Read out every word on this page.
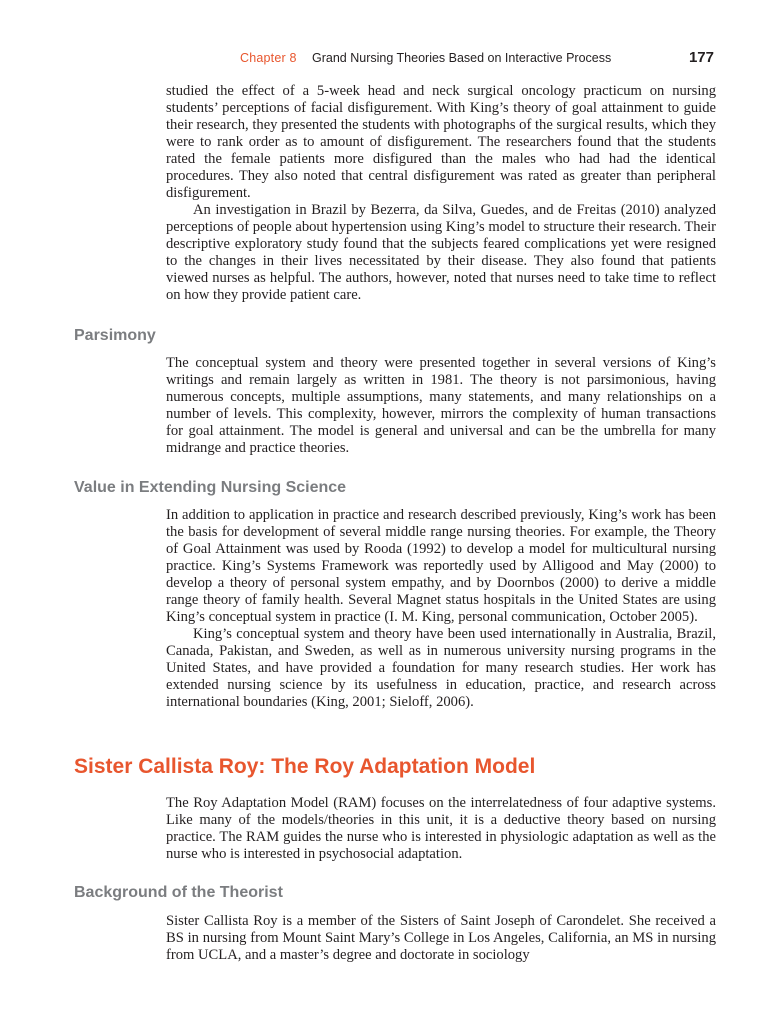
Chapter 8 Grand Nursing Theories Based on Interactive Process	177

studied the effect of a 5-week head and neck surgical oncology practicum on nursing students’ perceptions of facial disfigurement. With King’s theory of goal attainment to guide their research, they presented the students with photographs of the surgical results, which they were to rank order as to amount of disfigurement. The researchers found that the students rated the female patients more disfigured than the males who had had the identical procedures. They also noted that central disfigurement was rated as greater than peripheral disfigurement.

An investigation in Brazil by Bezerra, da Silva, Guedes, and de Freitas (2010) analyzed perceptions of people about hypertension using King’s model to structure their research. Their descriptive exploratory study found that the subjects feared complications yet were resigned to the changes in their lives necessitated by their disease. They also found that patients viewed nurses as helpful. The authors, however, noted that nurses need to take time to reflect on how they provide patient care.

Parsimony

The conceptual system and theory were presented together in several versions of King’s writings and remain largely as written in 1981. The theory is not parsimonious, having numerous concepts, multiple assumptions, many statements, and many relationships on a number of levels. This complexity, however, mirrors the complexity of human transactions for goal attainment. The model is general and universal and can be the umbrella for many midrange and practice theories.

Value in Extending Nursing Science

In addition to application in practice and research described previously, King’s work has been the basis for development of several middle range nursing theories. For example, the Theory of Goal Attainment was used by Rooda (1992) to develop a model for multicultural nursing practice. King’s Systems Framework was reportedly used by Alligood and May (2000) to develop a theory of personal system empathy, and by Doornbos (2000) to derive a middle range theory of family health. Several Magnet status hospitals in the United States are using King’s conceptual system in practice (I. M. King, personal communication, October 2005).

King’s conceptual system and theory have been used internationally in Australia, Brazil, Canada, Pakistan, and Sweden, as well as in numerous university nursing programs in the United States, and have provided a foundation for many research studies. Her work has extended nursing science by its usefulness in education, practice, and research across international boundaries (King, 2001; Sieloff, 2006).

Sister Callista Roy: The Roy Adaptation Model

The Roy Adaptation Model (RAM) focuses on the interrelatedness of four adaptive systems. Like many of the models/theories in this unit, it is a deductive theory based on nursing practice. The RAM guides the nurse who is interested in physiologic adaptation as well as the nurse who is interested in psychosocial adaptation.

Background of the Theorist

Sister Callista Roy is a member of the Sisters of Saint Joseph of Carondelet. She received a BS in nursing from Mount Saint Mary’s College in Los Angeles, California, an MS in nursing from UCLA, and a master’s degree and doctorate in sociology
